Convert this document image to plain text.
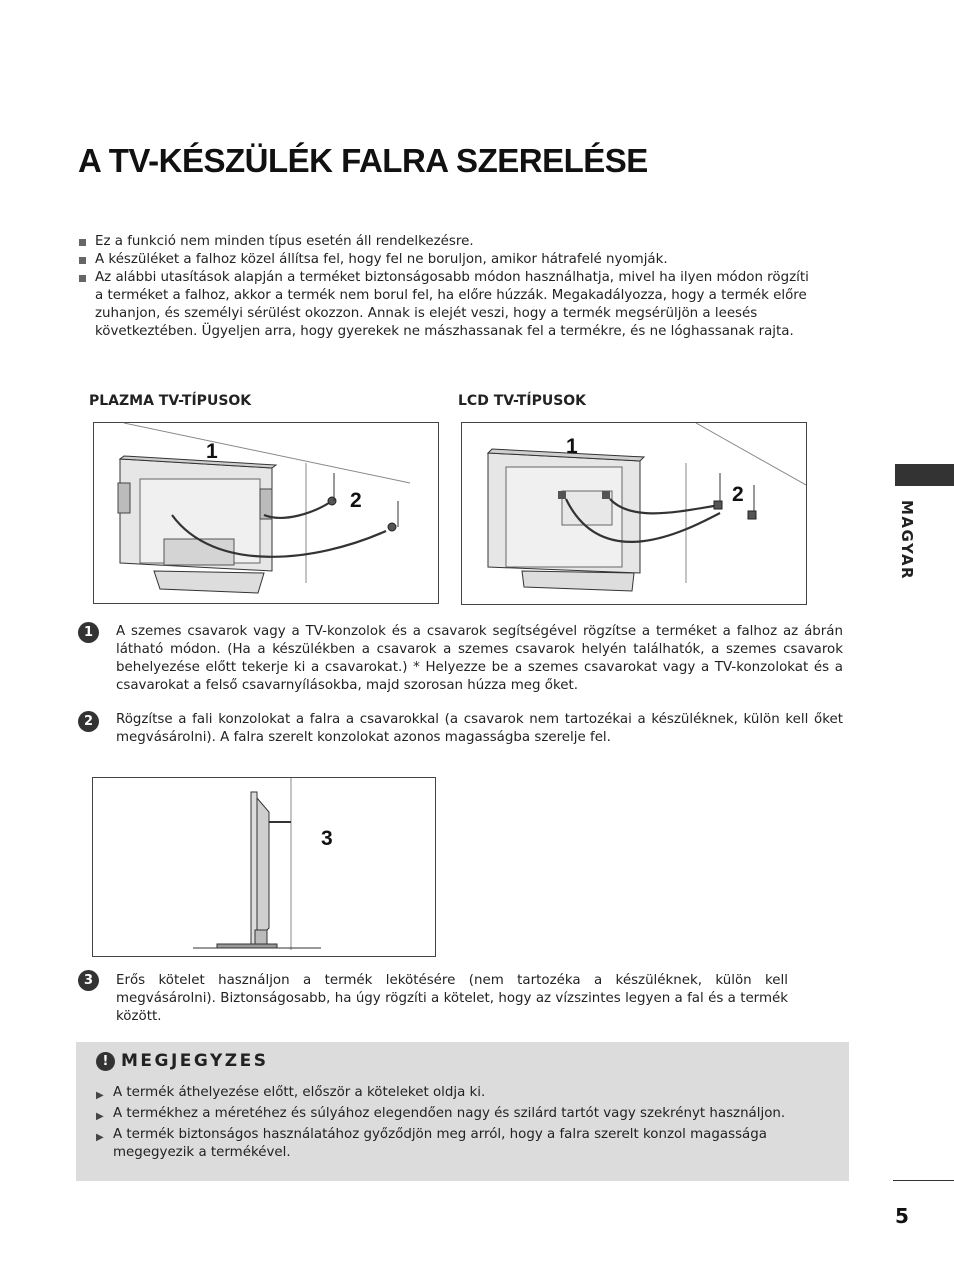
A TV-KÉSZÜLÉK FALRA SZERELÉSE
Ez a funkció nem minden típus esetén áll rendelkezésre.
A készüléket a falhoz közel állítsa fel, hogy fel ne boruljon, amikor hátrafelé nyomják.
Az alábbi utasítások alapján a terméket biztonságosabb módon használhatja, mivel ha ilyen módon rögzíti a terméket a falhoz, akkor a termék nem borul fel, ha előre húzzák. Megakadályozza, hogy a termék előre zuhanjon, és személyi sérülést okozzon. Annak is elejét veszi, hogy a termék megsérüljön a leesés következtében. Ügyeljen arra, hogy gyerekek ne mászhassanak fel a termékre, és ne lóghassanak rajta.
PLAZMA TV-TÍPUSOK	LCD TV-TÍPUSOK
1
2
1
2
1	A szemes csavarok vagy a TV-konzolok és a csavarok segítségével rögzítse a terméket a falhoz az ábrán látható módon. (Ha a készülékben a csavarok a szemes csavarok helyén találhatók, a szemes csavarok behelyezése előtt tekerje ki a csavarokat.) * Helyezze be a szemes csavarokat vagy a TV-konzolokat és a csavarokat a felső csavarnyílásokba, majd szorosan húzza meg őket.

2	Rögzítse a fali konzolokat a falra a csavarokkal (a csavarok nem tartozékai a készüléknek, külön kell őket megvásárolni). A falra szerelt konzolokat azonos magasságba szerelje fel.

3
3	Erős kötelet használjon a termék lekötésére (nem tartozéka a készüléknek, külön kell megvásárolni). Biztonságosabb, ha úgy rögzíti a kötelet, hogy az vízszintes legyen a fal és a termék között.

MAGYAR
! MEGJEGYZES
▶ A termék áthelyezése előtt, először a köteleket oldja ki.
▶ A termékhez a méretéhez és súlyához elegendően nagy és szilárd tartót vagy szekrényt használjon.
▶ A termék biztonságos használatához győződjön meg arról, hogy a falra szerelt konzol magassága megegyezik a termékével.
5
